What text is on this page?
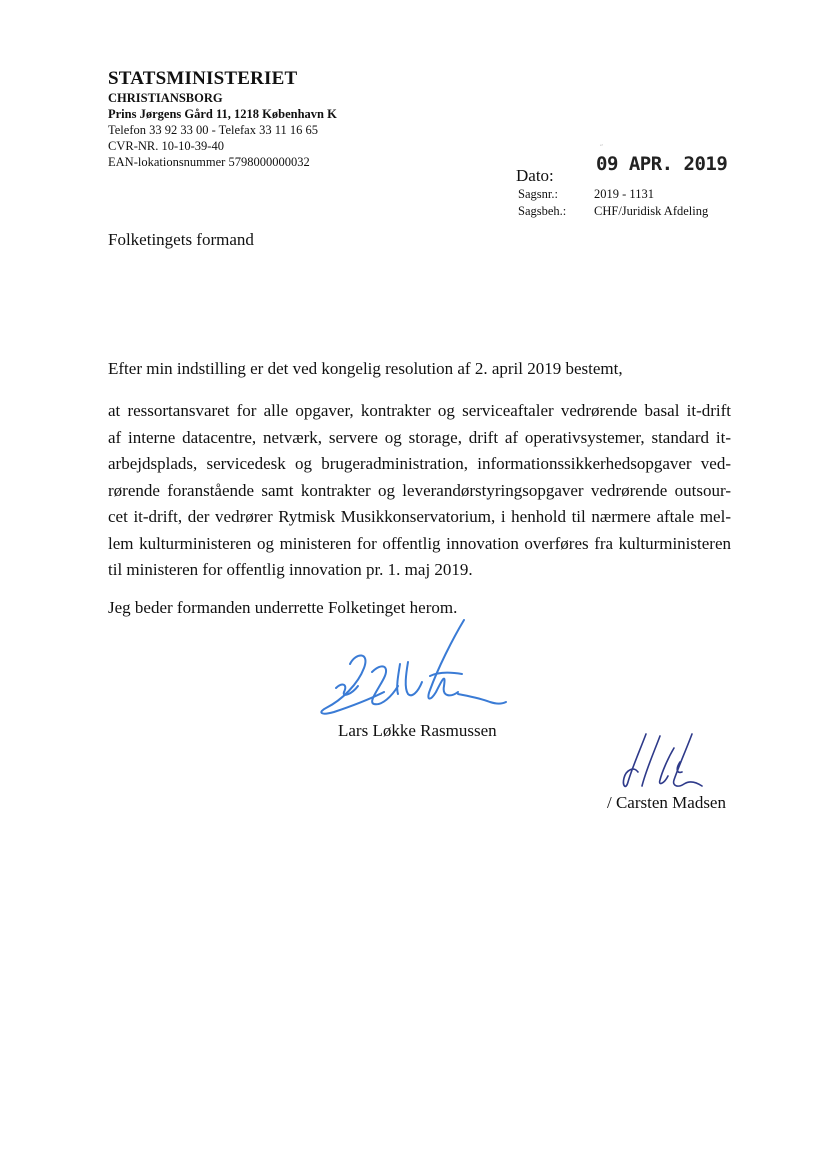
STATSMINISTERIET
CHRISTIANSBORG
Prins Jørgens Gård 11, 1218 København K
Telefon 33 92 33 00 - Telefax 33 11 16 65
CVR-NR. 10-10-39-40
EAN-lokationsnummer 5798000000032
˝
09 APR. 2019
Dato:
Sagsnr.:	2019 - 1131
Sagsbeh.: CHF/Juridisk Afdeling
Folketingets formand
Efter min indstilling er det ved kongelig resolution af 2. april 2019 bestemt,
at ressortansvaret for alle opgaver, kontrakter og serviceaftaler vedrørende basal it-drift
af interne datacentre, netværk, servere og storage, drift af operativsystemer, standard it-
arbejdsplads, servicedesk og brugeradministration, informationssikkerhedsopgaver ved-
rørende foranstående samt kontrakter og leverandørstyringsopgaver vedrørende outsour-
cet it-drift, der vedrører Rytmisk Musikkonservatorium, i henhold til nærmere aftale mel-
lem kulturministeren og ministeren for offentlig innovation overføres fra kulturministeren
til ministeren for offentlig innovation pr. 1. maj 2019.
Jeg beder formanden underrette Folketinget herom.
Lars Løkke Rasmussen
/ Carsten Madsen
